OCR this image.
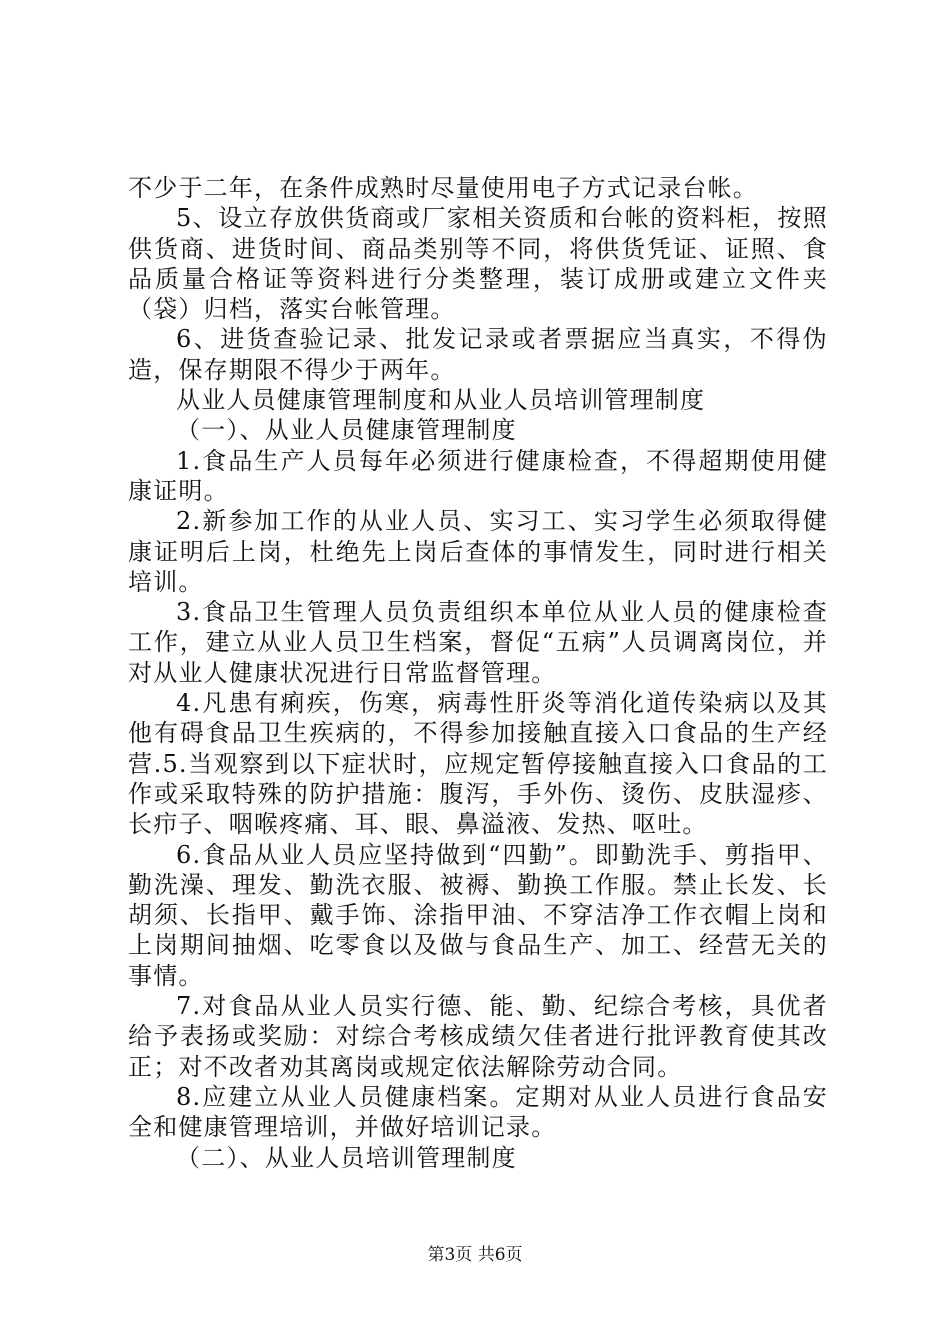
不少于二年，在条件成熟时尽量使用电子方式记录台帐。

5、设立存放供货商或厂家相关资质和台帐的资料柜，按照供货商、进货时间、商品类别等不同，将供货凭证、证照、食品质量合格证等资料进行分类整理，装订成册或建立文件夹（袋）归档，落实台帐管理。

6、进货查验记录、批发记录或者票据应当真实，不得伪造，保存期限不得少于两年。

从业人员健康管理制度和从业人员培训管理制度

（一）、从业人员健康管理制度

1.食品生产人员每年必须进行健康检查，不得超期使用健康证明。

2.新参加工作的从业人员、实习工、实习学生必须取得健康证明后上岗，杜绝先上岗后查体的事情发生，同时进行相关培训。

3.食品卫生管理人员负责组织本单位从业人员的健康检查工作，建立从业人员卫生档案，督促“五病”人员调离岗位，并对从业人健康状况进行日常监督管理。

4.凡患有痢疾，伤寒，病毒性肝炎等消化道传染病以及其他有碍食品卫生疾病的，不得参加接触直接入口食品的生产经营.5.当观察到以下症状时，应规定暂停接触直接入口食品的工作或采取特殊的防护措施：腹泻，手外伤、烫伤、皮肤湿疹、长疖子、咽喉疼痛、耳、眼、鼻溢液、发热、呕吐。

6.食品从业人员应坚持做到“四勤”。即勤洗手、剪指甲、勤洗澡、理发、勤洗衣服、被褥、勤换工作服。禁止长发、长胡须、长指甲、戴手饰、涂指甲油、不穿洁净工作衣帽上岗和上岗期间抽烟、吃零食以及做与食品生产、加工、经营无关的事情。

7.对食品从业人员实行德、能、勤、纪综合考核，具优者给予表扬或奖励：对综合考核成绩欠佳者进行批评教育使其改正；对不改者劝其离岗或规定依法解除劳动合同。

8.应建立从业人员健康档案。定期对从业人员进行食品安全和健康管理培训，并做好培训记录。

（二）、从业人员培训管理制度

第3页 共6页
